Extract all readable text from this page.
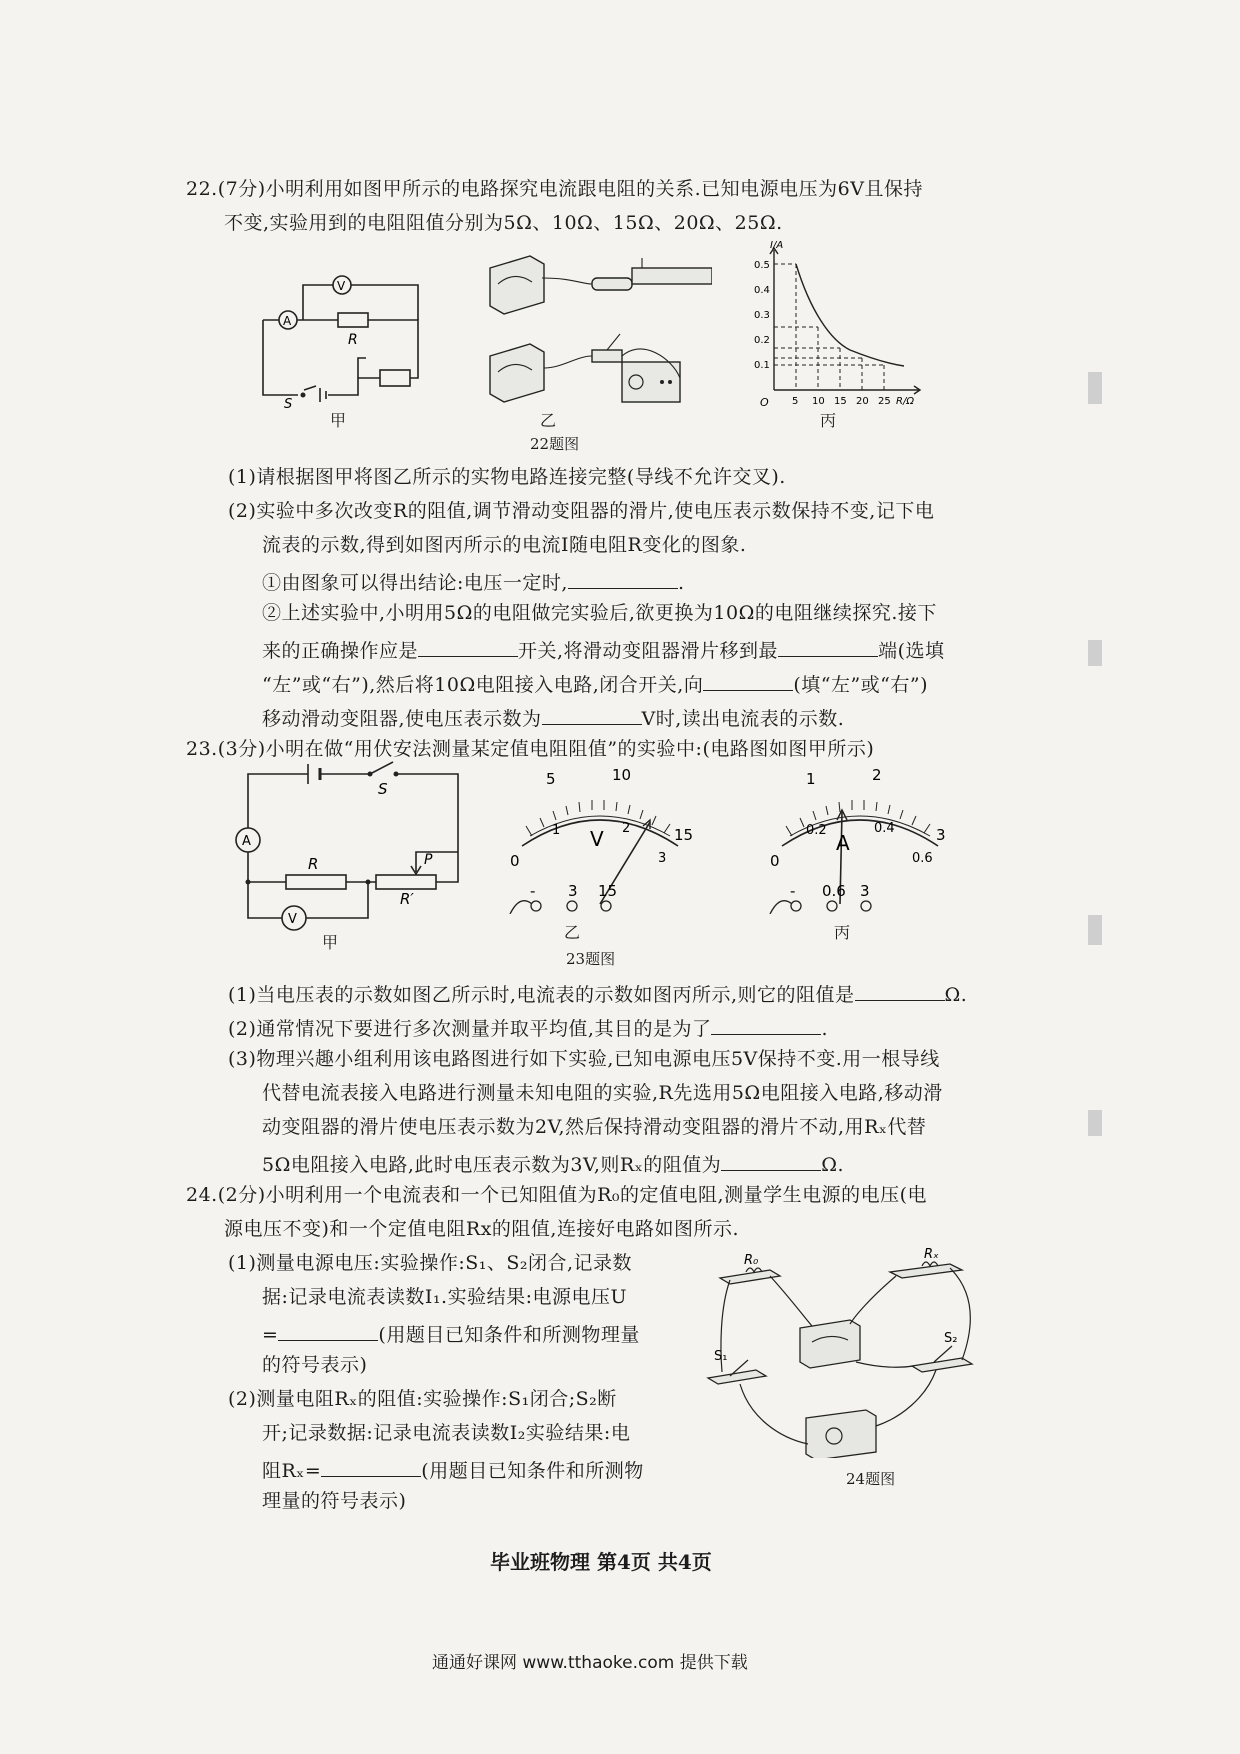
22.(7分)小明利用如图甲所示的电路探究电流跟电阻的关系.已知电源电压为6V且保持
不变,实验用到的电阻阻值分别为5Ω、10Ω、15Ω、20Ω、25Ω.
A
V
R
S
甲	乙
22题图
I/A
R/Ω
O
0.5
0.4
0.3
0.2
0.1
5 10 15 20 25
丙
(1)请根据图甲将图乙所示的实物电路连接完整(导线不允许交叉).
(2)实验中多次改变R的阻值,调节滑动变阻器的滑片,使电压表示数保持不变,记下电
流表的示数,得到如图丙所示的电流I随电阻R变化的图象.
①由图象可以得出结论:电压一定时,	.
②上述实验中,小明用5Ω的电阻做完实验后,欲更换为10Ω的电阻继续探究.接下
来的正确操作应是	开关,将滑动变阻器滑片移到最	端(选填
“左”或“右”),然后将10Ω电阻接入电路,闭合开关,向	(填“左”或“右”)
移动滑动变阻器,使电压表示数为	V时,读出电流表的示数.
23.(3分)小明在做“用伏安法测量某定值电阻阻值”的实验中:(电路图如图甲所示)
A
V
R
R′
S
P
甲
5	10
15
0
1	2
3
V
- 3 15
乙
23题图
1	2
3
0
0.2	0.4
0.6
A
- 0.6 3
丙
(1)当电压表的示数如图乙所示时,电流表的示数如图丙所示,则它的阻值是	Ω.
(2)通常情况下要进行多次测量并取平均值,其目的是为了	.
(3)物理兴趣小组利用该电路图进行如下实验,已知电源电压5V保持不变.用一根导线
代替电流表接入电路进行测量未知电阻的实验,R先选用5Ω电阻接入电路,移动滑
动变阻器的滑片使电压表示数为2V,然后保持滑动变阻器的滑片不动,用Rₓ代替
5Ω电阻接入电路,此时电压表示数为3V,则Rₓ的阻值为	Ω.
24.(2分)小明利用一个电流表和一个已知阻值为R₀的定值电阻,测量学生电源的电压(电
源电压不变)和一个定值电阻Rx的阻值,连接好电路如图所示.
(1)测量电源电压:实验操作:S₁、S₂闭合,记录数
据:记录电流表读数I₁.实验结果:电源电压U
=	(用题目已知条件和所测物理量
的符号表示)
(2)测量电阻Rₓ的阻值:实验操作:S₁闭合;S₂断
开;记录数据:记录电流表读数I₂实验结果:电
阻Rₓ=	(用题目已知条件和所测物
理量的符号表示)
R₀	Rₓ
S₁
S₂
24题图
毕业班物理 第4页 共4页
通通好课网 www.tthaoke.com 提供下载
